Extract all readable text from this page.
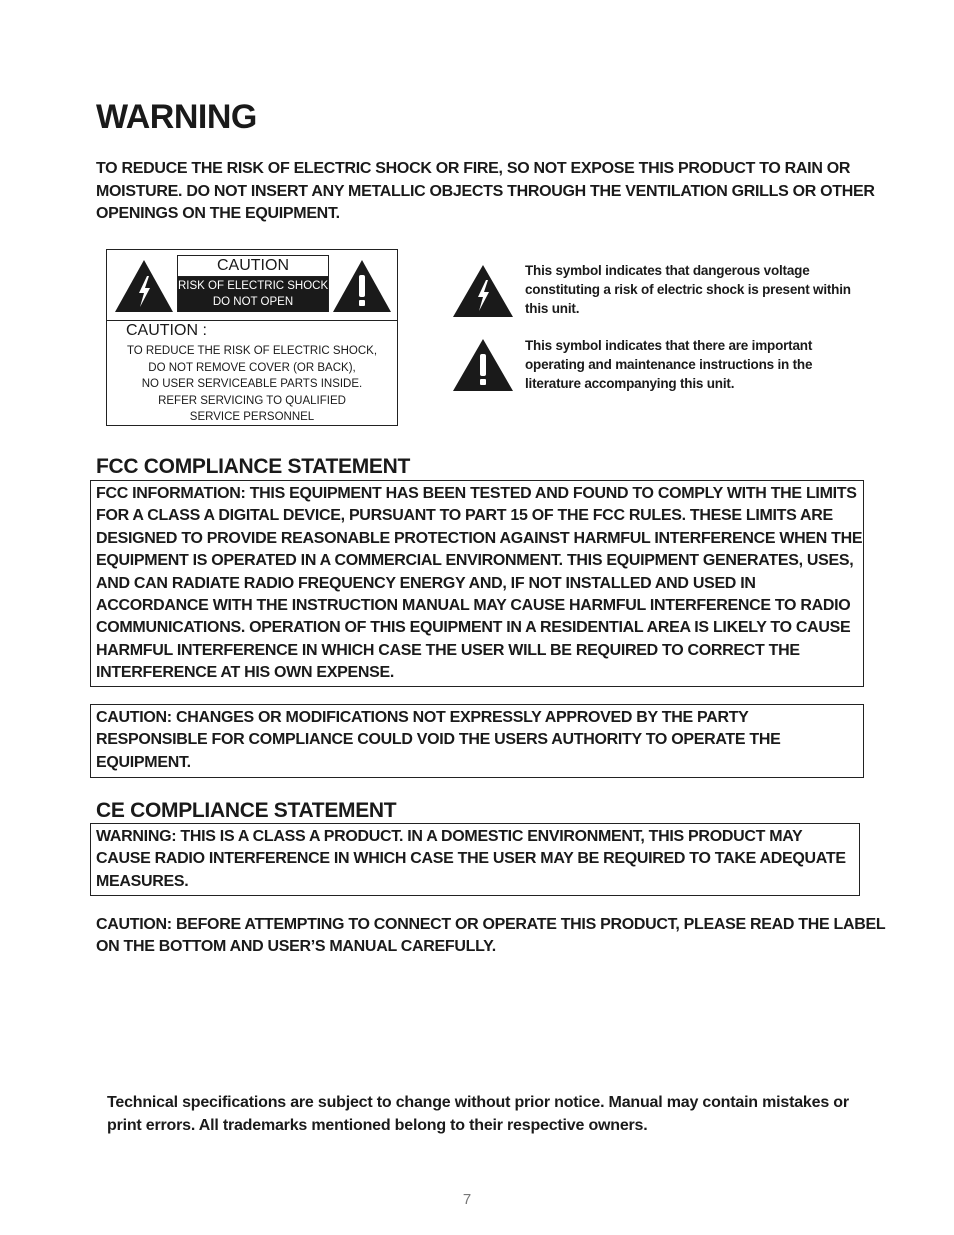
WARNING
TO REDUCE THE RISK OF ELECTRIC SHOCK OR FIRE, SO NOT EXPOSE THIS PRODUCT TO RAIN OR MOISTURE. DO NOT INSERT ANY METALLIC OBJECTS THROUGH THE VENTILATION GRILLS OR OTHER OPENINGS ON THE EQUIPMENT.
CAUTION
RISK OF ELECTRIC SHOCK
DO NOT OPEN
CAUTION :
TO REDUCE THE RISK OF ELECTRIC SHOCK,
DO NOT REMOVE COVER (OR BACK),
NO USER SERVICEABLE PARTS INSIDE.
REFER SERVICING TO QUALIFIED
SERVICE PERSONNEL
This symbol indicates that dangerous voltage constituting a risk of electric shock is present within this unit.
This symbol indicates that there are important operating and maintenance instructions in the literature accompanying this unit.
FCC COMPLIANCE STATEMENT
FCC INFORMATION: THIS EQUIPMENT HAS BEEN TESTED AND FOUND TO COMPLY WITH THE LIMITS FOR A CLASS A DIGITAL DEVICE, PURSUANT TO PART 15 OF THE FCC RULES. THESE LIMITS ARE DESIGNED TO PROVIDE REASONABLE PROTECTION AGAINST HARMFUL INTERFERENCE WHEN THE EQUIPMENT IS OPERATED IN A COMMERCIAL ENVIRONMENT. THIS EQUIPMENT GENERATES, USES, AND CAN RADIATE RADIO FREQUENCY ENERGY AND, IF NOT INSTALLED AND USED IN ACCORDANCE WITH THE INSTRUCTION MANUAL MAY CAUSE HARMFUL INTERFERENCE TO RADIO COMMUNICATIONS. OPERATION OF THIS EQUIPMENT IN A RESIDENTIAL AREA IS LIKELY TO CAUSE HARMFUL INTERFERENCE IN WHICH CASE THE USER WILL BE REQUIRED TO CORRECT THE INTERFERENCE AT HIS OWN EXPENSE.
CAUTION: CHANGES OR MODIFICATIONS NOT EXPRESSLY APPROVED BY THE PARTY RESPONSIBLE FOR COMPLIANCE COULD VOID THE USERS AUTHORITY TO OPERATE THE EQUIPMENT.
CE COMPLIANCE STATEMENT
WARNING: THIS IS A CLASS A PRODUCT. IN A DOMESTIC ENVIRONMENT, THIS PRODUCT MAY CAUSE RADIO INTERFERENCE IN WHICH CASE THE USER MAY BE REQUIRED TO TAKE ADEQUATE MEASURES.
CAUTION: BEFORE ATTEMPTING TO CONNECT OR OPERATE THIS PRODUCT, PLEASE READ THE LABEL ON THE BOTTOM AND USER’S MANUAL CAREFULLY.
Technical specifications are subject to change without prior notice. Manual may contain mistakes or print errors. All trademarks mentioned belong to their respective owners.
7
